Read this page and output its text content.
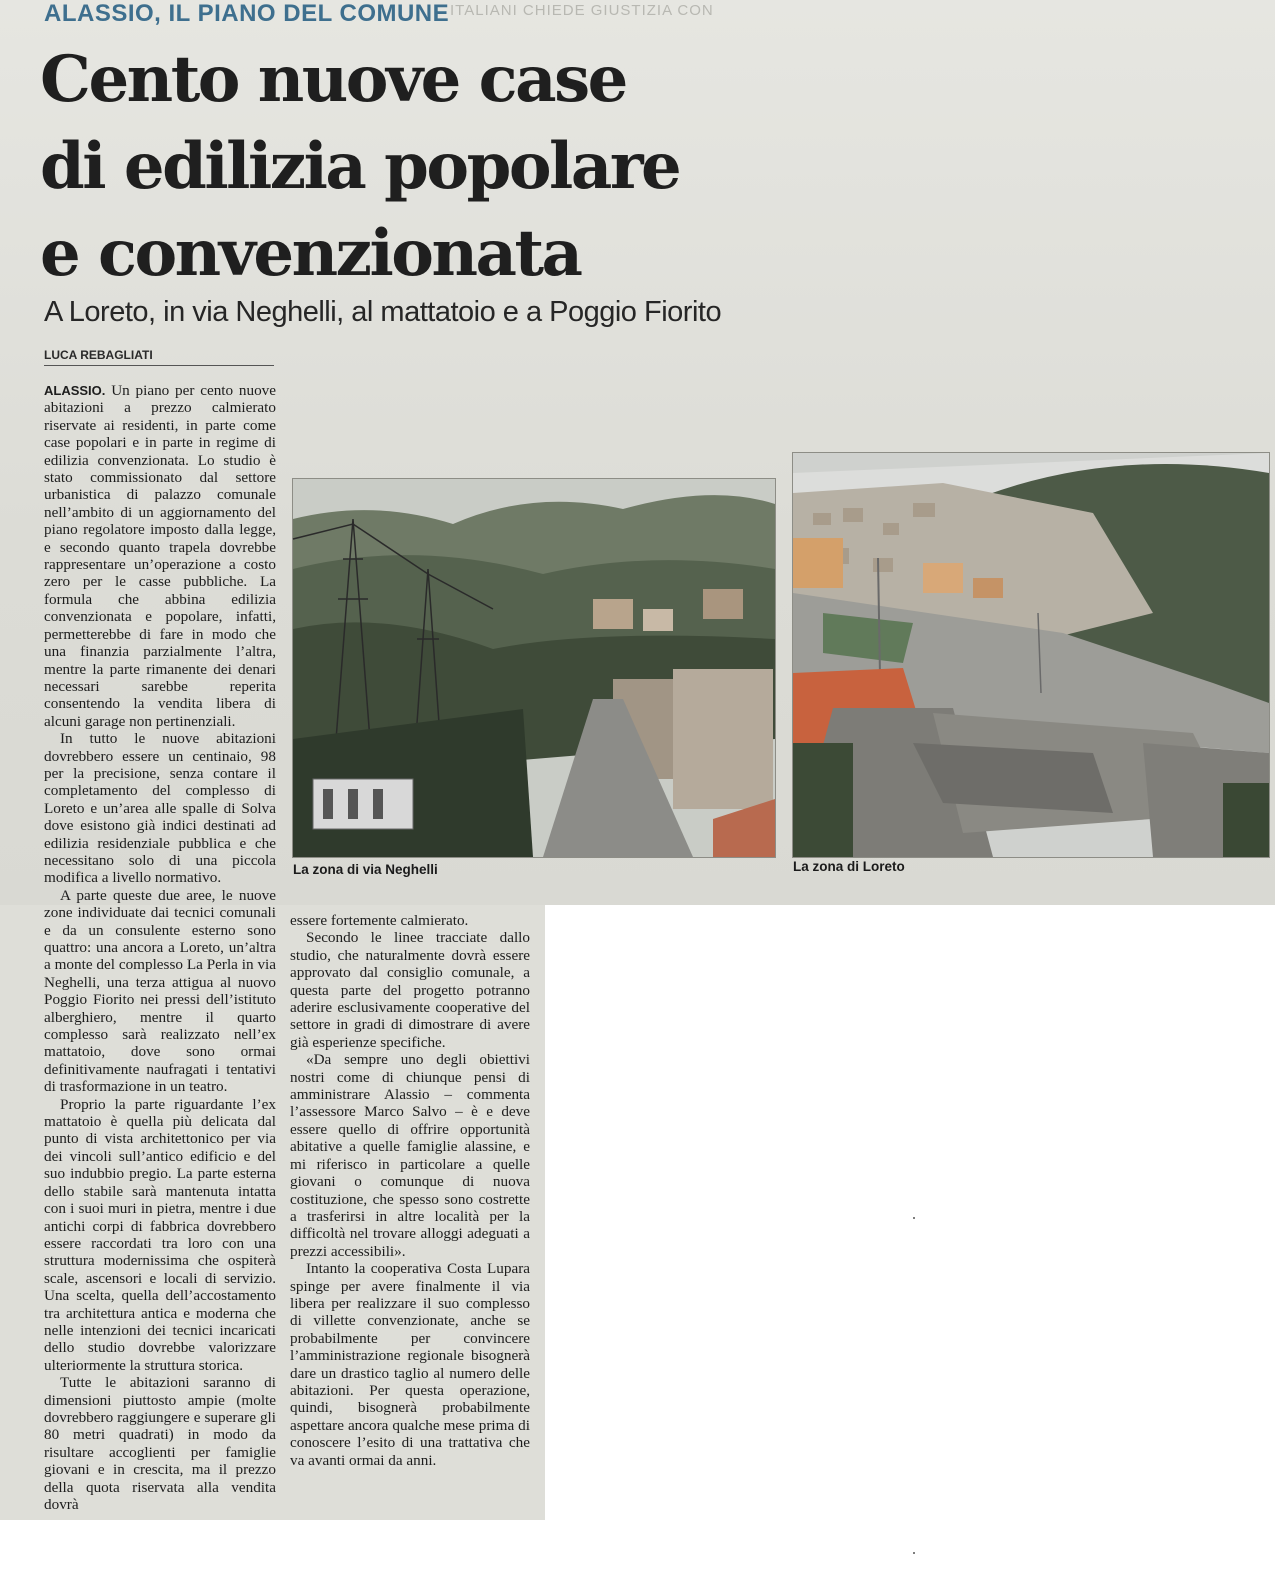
ITALIANI CHIEDE GIUSTIZIA CON
ALASSIO, IL PIANO DEL COMUNE
Cento nuove case
di edilizia popolare
e convenzionata
A Loreto, in via Neghelli, al mattatoio e a Poggio Fiorito
LUCA REBAGLIATI

ALASSIO. Un piano per cento nuove abitazioni a prezzo calmierato riservate ai residenti, in parte come case popolari e in parte in regime di edilizia convenzionata. Lo studio è stato commissionato dal settore urbanistica di palazzo comunale nell’ambito di un aggiornamento del piano regolatore imposto dalla legge, e secondo quanto trapela dovrebbe rappresentare un’operazione a costo zero per le casse pubbliche. La formula che abbina edilizia convenzionata e popolare, infatti, permetterebbe di fare in modo che una finanzia parzialmente l’altra, mentre la parte rimanente dei denari necessari sarebbe reperita consentendo la vendita libera di alcuni garage non pertinenziali.

In tutto le nuove abitazioni dovrebbero essere un centinaio, 98 per la precisione, senza contare il completamento del complesso di Loreto e un’area alle spalle di Solva dove esistono già indici destinati ad edilizia residenziale pubblica e che necessitano solo di una piccola modifica a livello normativo.

A parte queste due aree, le nuove zone individuate dai tecnici comunali e da un consulente esterno sono quattro: una ancora a Loreto, un’altra a monte del complesso La Perla in via Neghelli, una terza attigua al nuovo Poggio Fiorito nei pressi dell’istituto alberghiero, mentre il quarto complesso sarà realizzato nell’ex mattatoio, dove sono ormai definitivamente naufragati i tentativi di trasformazione in un teatro.

Proprio la parte riguardante l’ex mattatoio è quella più delicata dal punto di vista architettonico per via dei vincoli sull’antico edificio e del suo indubbio pregio. La parte esterna dello stabile sarà mantenuta intatta con i suoi muri in pietra, mentre i due antichi corpi di fabbrica dovrebbero essere raccordati tra loro con una struttura modernissima che ospiterà scale, ascensori e locali di servizio. Una scelta, quella dell’accostamento tra architettura antica e moderna che nelle intenzioni dei tecnici incaricati dello studio dovrebbe valorizzare ulteriormente la struttura storica.

Tutte le abitazioni saranno di dimensioni piuttosto ampie (molte dovrebbero raggiungere e superare gli 80 metri quadrati) in modo da risultare accoglienti per famiglie giovani e in crescita, ma il prezzo della quota riservata alla vendita dovrà

essere fortemente calmierato.

Secondo le linee tracciate dallo studio, che naturalmente dovrà essere approvato dal consiglio comunale, a questa parte del progetto potranno aderire esclusivamente cooperative del settore in gradi di dimostrare di avere già esperienze specifiche.

«Da sempre uno degli obiettivi nostri come di chiunque pensi di amministrare Alassio – commenta l’assessore Marco Salvo – è e deve essere quello di offrire opportunità abitative a quelle famiglie alassine, e mi riferisco in particolare a quelle giovani o comunque di nuova costituzione, che spesso sono costrette a trasferirsi in altre località per la difficoltà nel trovare alloggi adeguati a prezzi accessibili».

Intanto la cooperativa Costa Lupara spinge per avere finalmente il via libera per realizzare il suo complesso di villette convenzionate, anche se probabilmente per convincere l’amministrazione regionale bisognerà dare un drastico taglio al numero delle abitazioni. Per questa operazione, quindi, bisognerà probabilmente aspettare ancora qualche mese prima di conoscere l’esito di una trattativa che va avanti ormai da anni.

La zona di via Neghelli	La zona di Loreto
